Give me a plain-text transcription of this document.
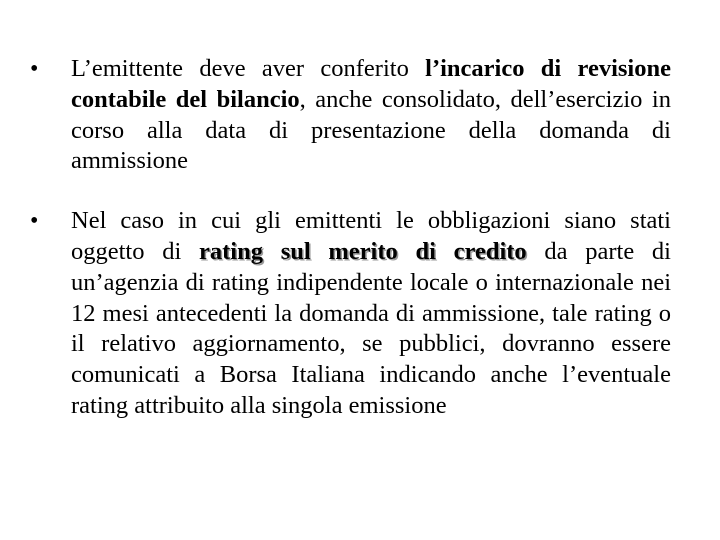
•	L’emittente deve aver conferito l’incarico di revisione contabile del bilancio, anche consolidato, dell’esercizio in corso alla data di presentazione della domanda di ammissione
•	Nel caso in cui gli emittenti le obbligazioni siano stati oggetto di rating sul merito di credito da parte di un’agenzia di rating indipendente locale o internazionale nei 12 mesi antecedenti la domanda di ammissione, tale rating o il relativo aggiornamento, se pubblici, dovranno essere comunicati a Borsa Italiana indicando anche l’eventuale rating attribuito alla singola emissione
